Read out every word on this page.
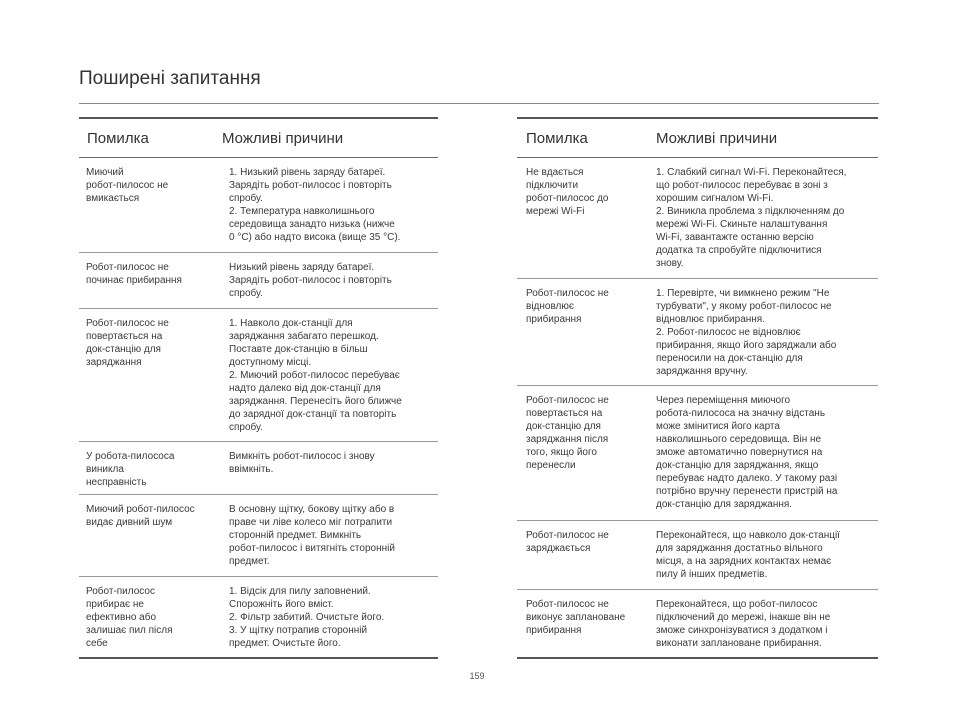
Поширені запитання
Помилка	Можливі причини
Миючий
робот-пилосос не
вмикається
1. Низький рівень заряду батареї.
Зарядіть робот-пилосос і повторіть
спробу.
2. Температура навколишнього
середовища занадто низька (нижче
0 °C) або надто висока (вище 35 °C).
Робот-пилосос не
починає прибирання
Низький рівень заряду батареї.
Зарядіть робот-пилосос і повторіть
спробу.
Робот-пилосос не
повертається на
док-станцію для
заряджання
1. Навколо док-станції для
заряджання забагато перешкод.
Поставте док-станцію в більш
доступному місці.
2. Миючий робот-пилосос перебуває
надто далеко від док-станції для
заряджання. Перенесіть його ближче
до зарядної док-станції та повторіть
спробу.
У робота-пилососа
виникла
несправність
Вимкніть робот-пилосос і знову
ввімкніть.
Миючий робот-пилосос
видає дивний шум
В основну щітку, бокову щітку або в
праве чи ліве колесо міг потрапити
сторонній предмет. Вимкніть
робот-пилосос і витягніть сторонній
предмет.
Робот-пилосос
прибирає не
ефективно або
залишає пил після
себе
1. Відсік для пилу заповнений.
Спорожніть його вміст.
2. Фільтр забитий. Очистьте його.
3. У щітку потрапив сторонній
предмет. Очистьте його.
Помилка	Можливі причини
Не вдається
підключити
робот-пилосос до
мережі Wi-Fi
1. Слабкий сигнал Wi-Fi. Переконайтеся,
що робот-пилосос перебуває в зоні з
хорошим сигналом Wi-Fi.
2. Виникла проблема з підключенням до
мережі Wi-Fi. Скиньте налаштування
Wi-Fi, завантажте останню версію
додатка та спробуйте підключитися
знову.
Робот-пилосос не
відновлює
прибирання
1. Перевірте, чи вимкнено режим "Не
турбувати", у якому робот-пилосос не
відновлює прибирання.
2. Робот-пилосос не відновлює
прибирання, якщо його заряджали або
переносили на док-станцію для
заряджання вручну.
Робот-пилосос не
повертається на
док-станцію для
заряджання після
того, якщо його
перенесли
Через переміщення миючого
робота-пилососа на значну відстань
може змінитися його карта
навколишнього середовища. Він не
зможе автоматично повернутися на
док-станцію для заряджання, якщо
перебуває надто далеко. У такому разі
потрібно вручну перенести пристрій на
док-станцію для заряджання.
Робот-пилосос не
заряджається
Переконайтеся, що навколо док-станції
для заряджання достатньо вільного
місця, а на зарядних контактах немає
пилу й інших предметів.
Робот-пилосос не
виконує заплановане
прибирання
Переконайтеся, що робот-пилосос
підключений до мережі, інакше він не
зможе синхронізуватися з додатком і
виконати заплановане прибирання.
159
